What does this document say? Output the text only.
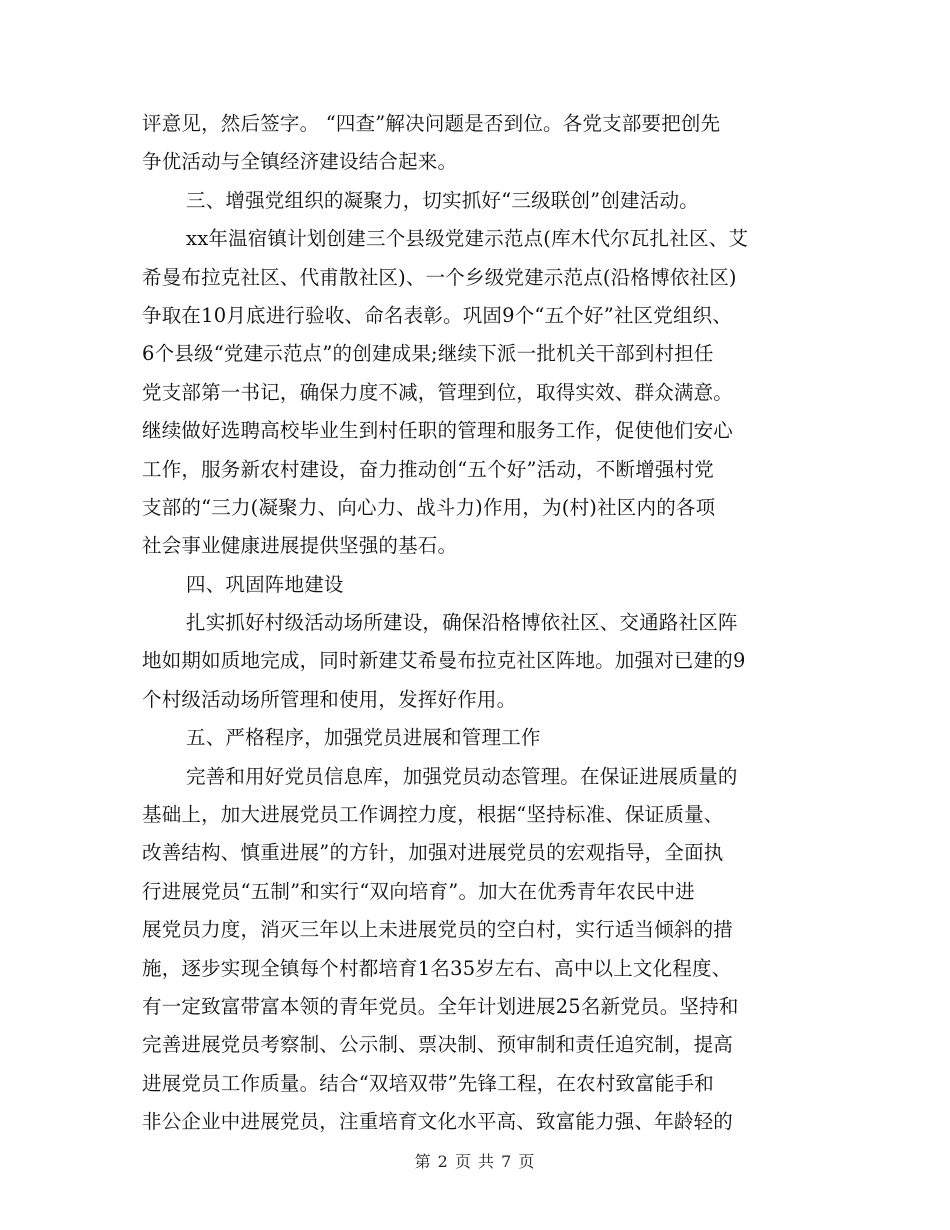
评意见，然后签字。 “四查”解决问题是否到位。各党支部要把创先
争优活动与全镇经济建设结合起来。
三、增强党组织的凝聚力，切实抓好“三级联创”创建活动。
xx年温宿镇计划创建三个县级党建示范点(库木代尔瓦扎社区、艾
希曼布拉克社区、代甫散社区)、一个乡级党建示范点(沿格博依社区)
争取在10月底进行验收、命名表彰。巩固9个“五个好”社区党组织、
6个县级“党建示范点”的创建成果;继续下派一批机关干部到村担任
党支部第一书记，确保力度不减，管理到位，取得实效、群众满意。
继续做好选聘高校毕业生到村任职的管理和服务工作，促使他们安心
工作，服务新农村建设，奋力推动创“五个好”活动，不断增强村党
支部的“三力(凝聚力、向心力、战斗力)作用，为(村)社区内的各项
社会事业健康进展提供坚强的基石。
四、巩固阵地建设
扎实抓好村级活动场所建设，确保沿格博依社区、交通路社区阵
地如期如质地完成，同时新建艾希曼布拉克社区阵地。加强对已建的9
个村级活动场所管理和使用，发挥好作用。
五、严格程序，加强党员进展和管理工作
完善和用好党员信息库，加强党员动态管理。在保证进展质量的
基础上，加大进展党员工作调控力度，根据“坚持标准、保证质量、
改善结构、慎重进展”的方针，加强对进展党员的宏观指导，全面执
行进展党员“五制”和实行“双向培育”。加大在优秀青年农民中进
展党员力度，消灭三年以上未进展党员的空白村，实行适当倾斜的措
施，逐步实现全镇每个村都培育1名35岁左右、高中以上文化程度、
有一定致富带富本领的青年党员。全年计划进展25名新党员。坚持和
完善进展党员考察制、公示制、票决制、预审制和责任追究制，提高
进展党员工作质量。结合“双培双带”先锋工程，在农村致富能手和
非公企业中进展党员，注重培育文化水平高、致富能力强、年龄轻的
第 2 页 共 7 页
